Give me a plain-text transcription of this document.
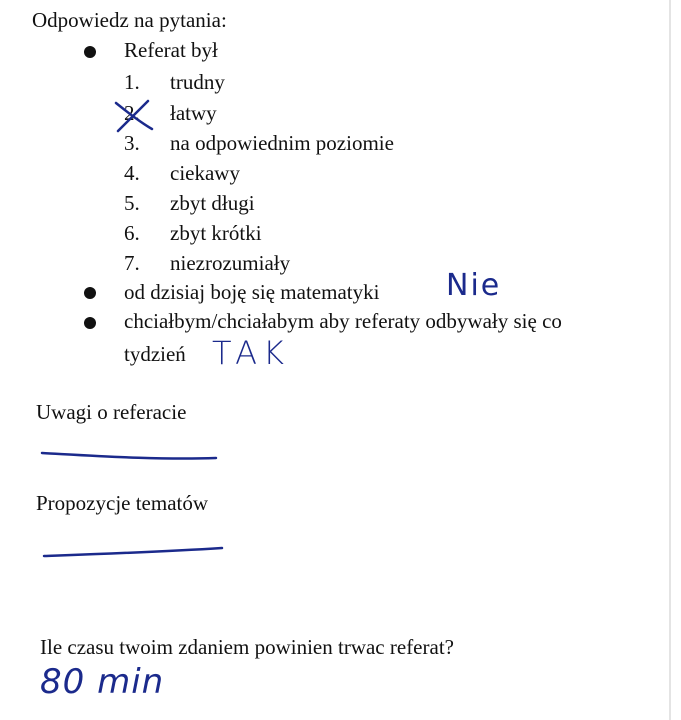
Odpowiedz na pytania:
Referat był
1. trudny
2. łatwy
3. na odpowiednim poziomie
4. ciekawy
5. zbyt długi
6. zbyt krótki
7. niezrozumiały
od dzisiaj boję się matematyki Nie
chciałbym/chciałabym aby referaty odbywały się co
tydzień TAK
Uwagi o referacie
Propozycje tematów
Ile czasu twoim zdaniem powinien trwac referat?
80 min
